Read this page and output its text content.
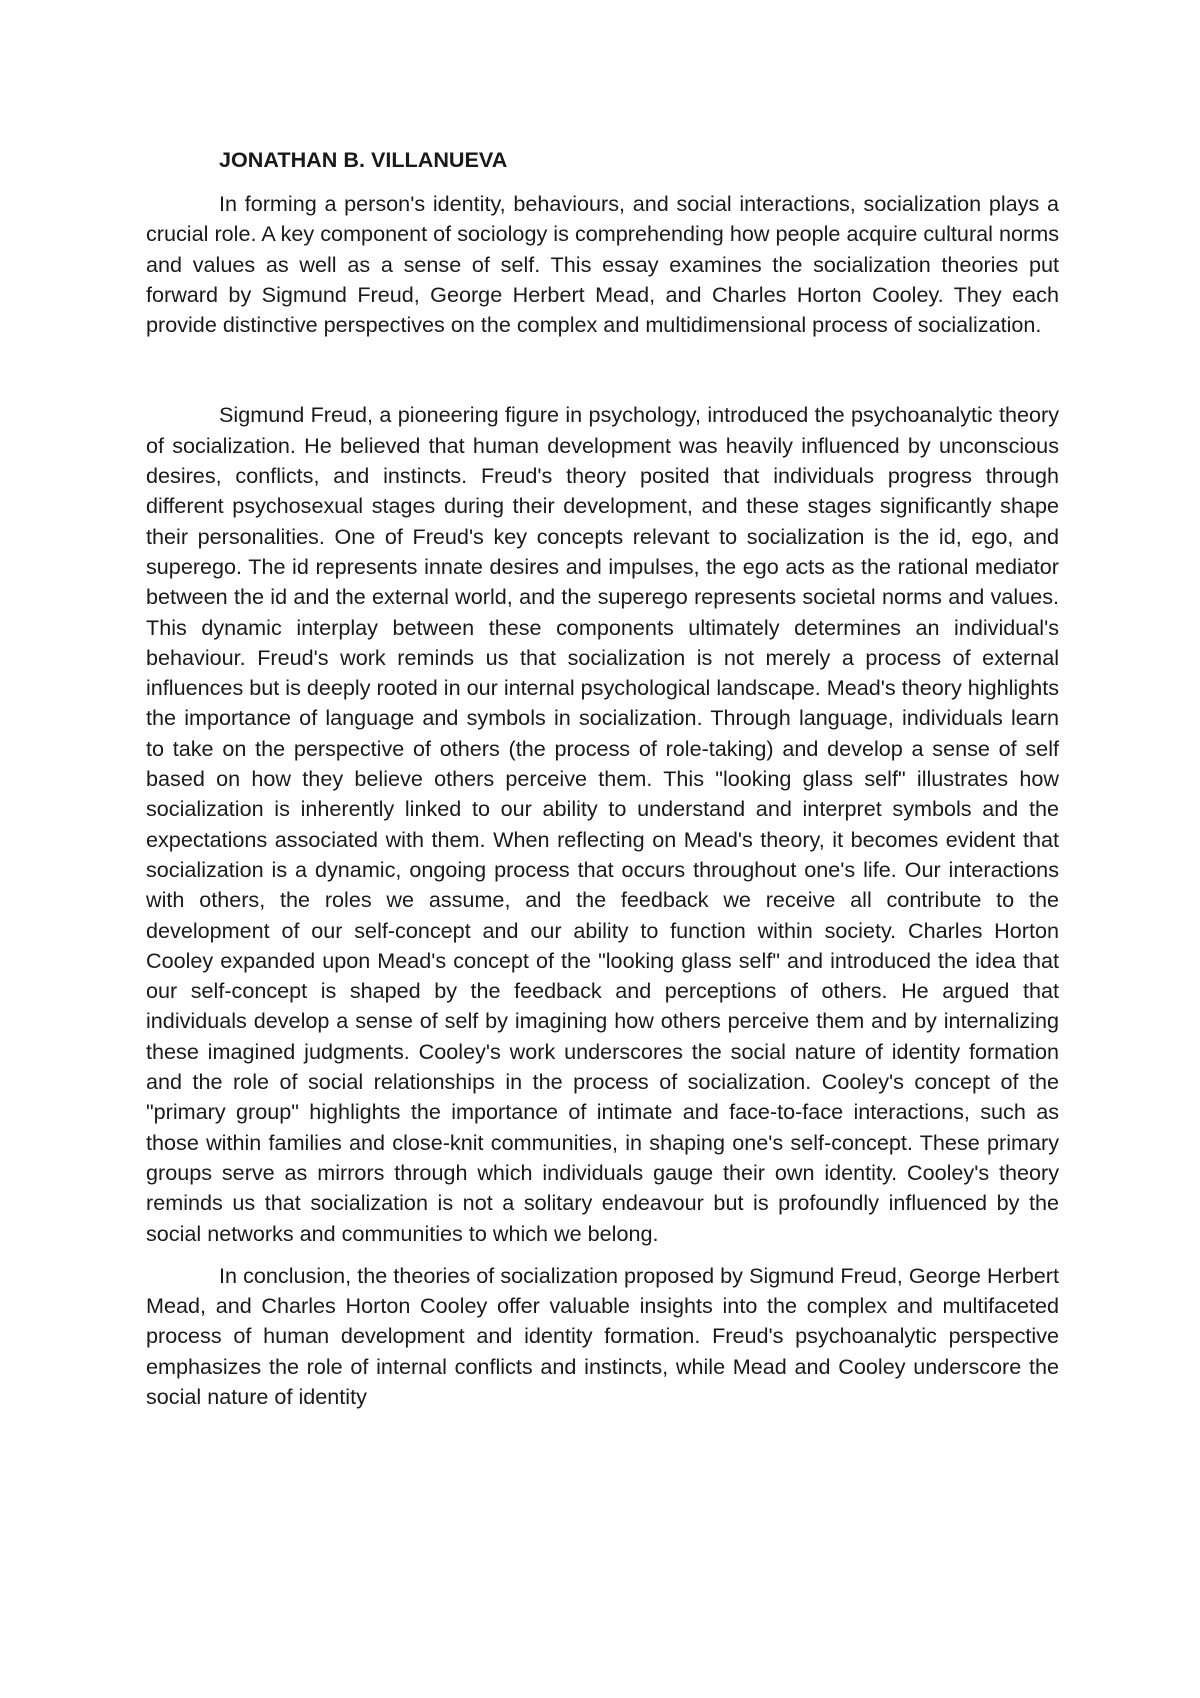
JONATHAN B. VILLANUEVA

In forming a person's identity, behaviours, and social interactions, socialization plays a crucial role. A key component of sociology is comprehending how people acquire cultural norms and values as well as a sense of self. This essay examines the socialization theories put forward by Sigmund Freud, George Herbert Mead, and Charles Horton Cooley. They each provide distinctive perspectives on the complex and multidimensional process of socialization.

Sigmund Freud, a pioneering figure in psychology, introduced the psychoanalytic theory of socialization. He believed that human development was heavily influenced by unconscious desires, conflicts, and instincts. Freud's theory posited that individuals progress through different psychosexual stages during their development, and these stages significantly shape their personalities. One of Freud's key concepts relevant to socialization is the id, ego, and superego. The id represents innate desires and impulses, the ego acts as the rational mediator between the id and the external world, and the superego represents societal norms and values. This dynamic interplay between these components ultimately determines an individual's behaviour. Freud's work reminds us that socialization is not merely a process of external influences but is deeply rooted in our internal psychological landscape. Mead's theory highlights the importance of language and symbols in socialization. Through language, individuals learn to take on the perspective of others (the process of role-taking) and develop a sense of self based on how they believe others perceive them. This "looking glass self" illustrates how socialization is inherently linked to our ability to understand and interpret symbols and the expectations associated with them. When reflecting on Mead's theory, it becomes evident that socialization is a dynamic, ongoing process that occurs throughout one's life. Our interactions with others, the roles we assume, and the feedback we receive all contribute to the development of our self-concept and our ability to function within society. Charles Horton Cooley expanded upon Mead's concept of the "looking glass self" and introduced the idea that our self-concept is shaped by the feedback and perceptions of others. He argued that individuals develop a sense of self by imagining how others perceive them and by internalizing these imagined judgments. Cooley's work underscores the social nature of identity formation and the role of social relationships in the process of socialization. Cooley's concept of the "primary group" highlights the importance of intimate and face-to-face interactions, such as those within families and close-knit communities, in shaping one's self-concept. These primary groups serve as mirrors through which individuals gauge their own identity. Cooley's theory reminds us that socialization is not a solitary endeavour but is profoundly influenced by the social networks and communities to which we belong.

In conclusion, the theories of socialization proposed by Sigmund Freud, George Herbert Mead, and Charles Horton Cooley offer valuable insights into the complex and multifaceted process of human development and identity formation. Freud's psychoanalytic perspective emphasizes the role of internal conflicts and instincts, while Mead and Cooley underscore the social nature of identity
